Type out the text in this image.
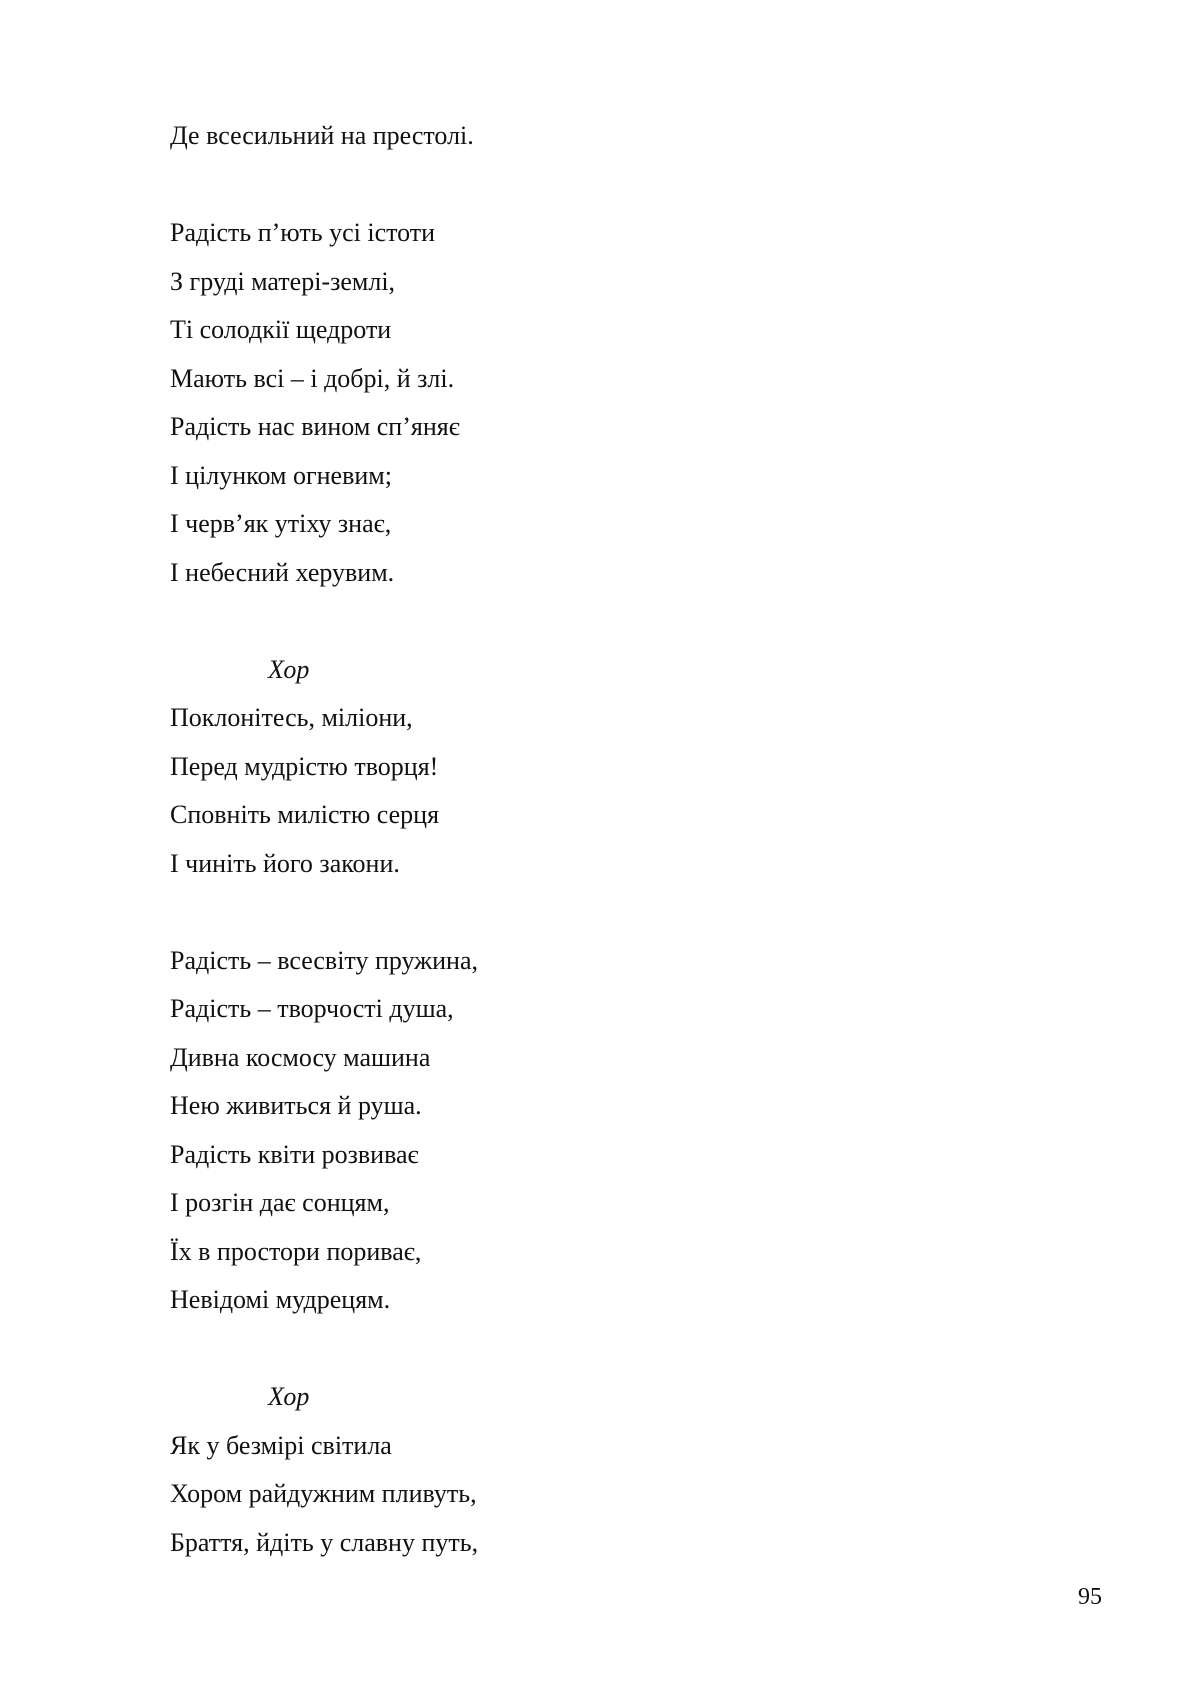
Де всесильний на престолі.
Радість п’ють усі істоти
З груді матері-землі,
Ті солодкії щедроти
Мають всі – і добрі, й злі.
Радість нас вином сп’яняє
І цілунком огневим;
І черв’як утіху знає,
І небесний херувим.
Хор
Поклонітесь, міліони,
Перед мудрістю творця!
Сповніть милістю серця
І чиніть його закони.
Радість – всесвіту пружина,
Радість – творчості душа,
Дивна космосу машина
Нею живиться й руша.
Радість квіти розвиває
І розгін дає сонцям,
Їх в простори пориває,
Невідомі мудрецям.
Хор
Як у безмірі світила
Хором райдужним пливуть,
Браття, йдіть у славну путь,
95
